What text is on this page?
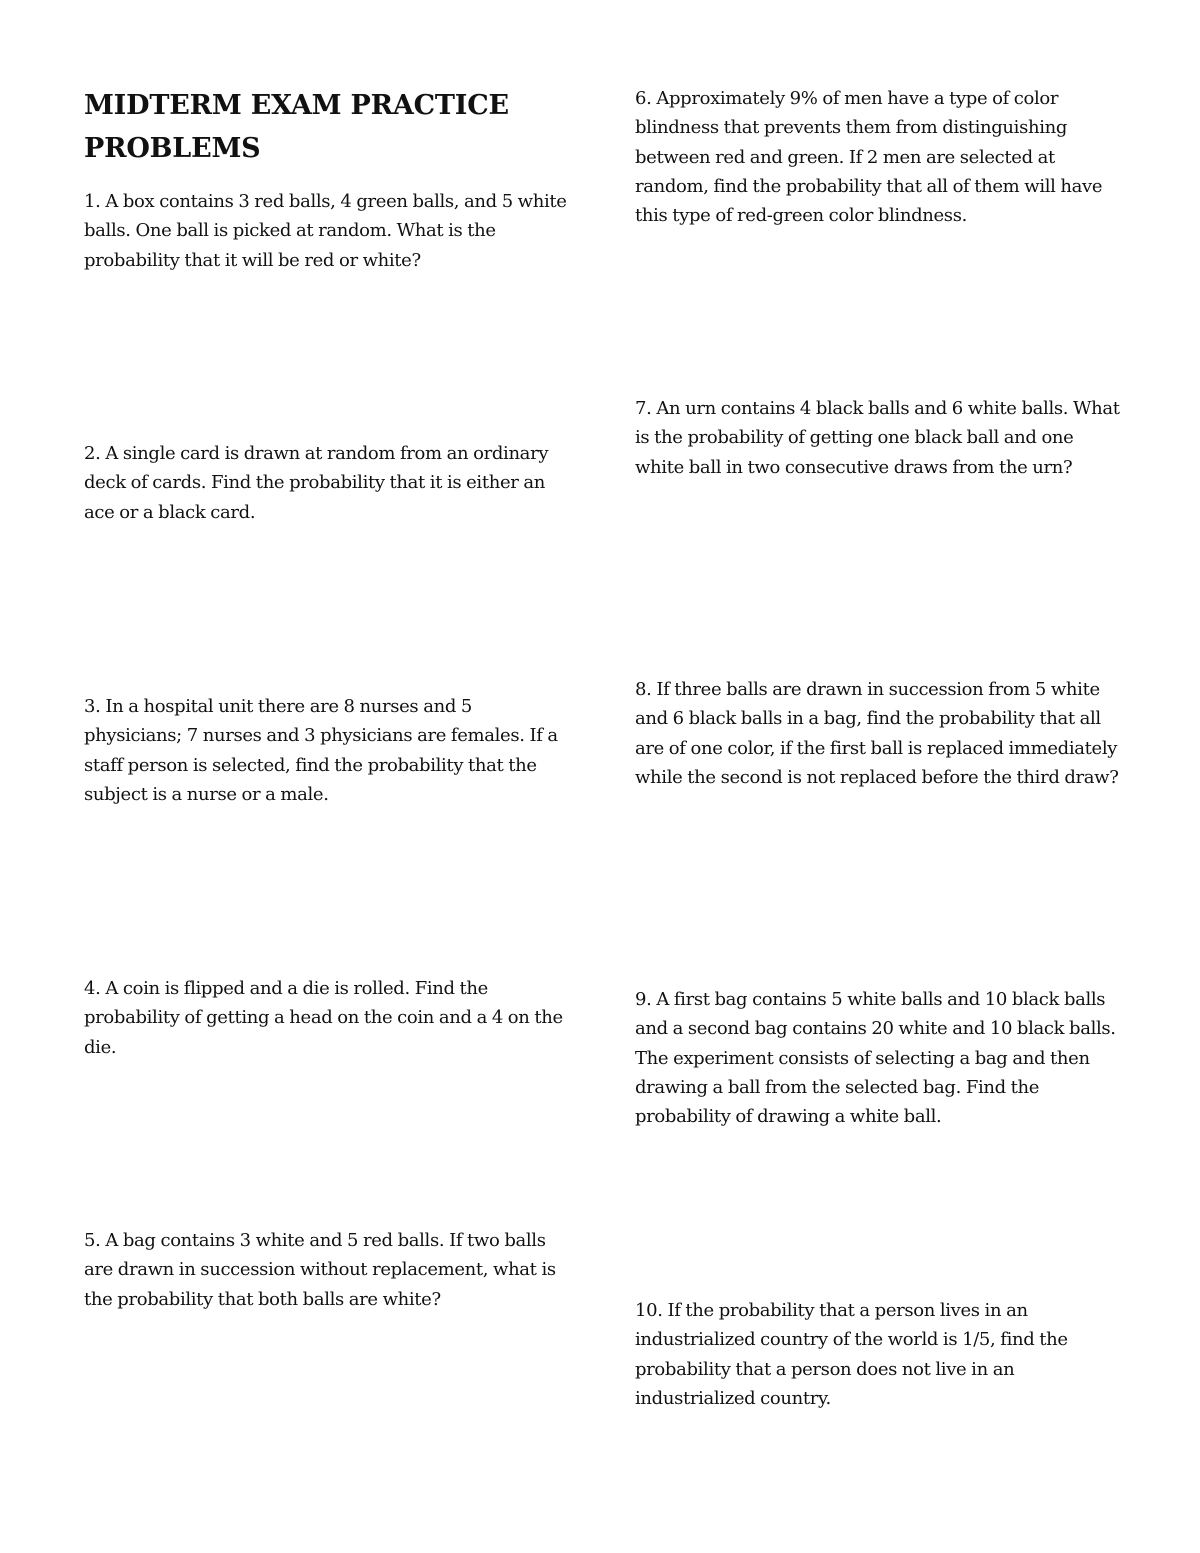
MIDTERM EXAM PRACTICE PROBLEMS

1. A box contains 3 red balls, 4 green balls, and 5 white balls. One ball is picked at random. What is the probability that it will be red or white?

2. A single card is drawn at random from an ordinary deck of cards. Find the probability that it is either an ace or a black card.

3. In a hospital unit there are 8 nurses and 5 physicians; 7 nurses and 3 physicians are females. If a staff person is selected, find the probability that the subject is a nurse or a male.

4. A coin is flipped and a die is rolled. Find the probability of getting a head on the coin and a 4 on the die.

5. A bag contains 3 white and 5 red balls. If two balls are drawn in succession without replacement, what is the probability that both balls are white?

6. Approximately 9% of men have a type of color blindness that prevents them from distinguishing between red and green. If 2 men are selected at random, find the probability that all of them will have this type of red-green color blindness.

7. An urn contains 4 black balls and 6 white balls. What is the probability of getting one black ball and one white ball in two consecutive draws from the urn?

8. If three balls are drawn in succession from 5 white and 6 black balls in a bag, find the probability that all are of one color, if the first ball is replaced immediately while the second is not replaced before the third draw?

9. A first bag contains 5 white balls and 10 black balls and a second bag contains 20 white and 10 black balls. The experiment consists of selecting a bag and then drawing a ball from the selected bag. Find the probability of drawing a white ball.

10. If the probability that a person lives in an industrialized country of the world is 1/5, find the probability that a person does not live in an industrialized country.
